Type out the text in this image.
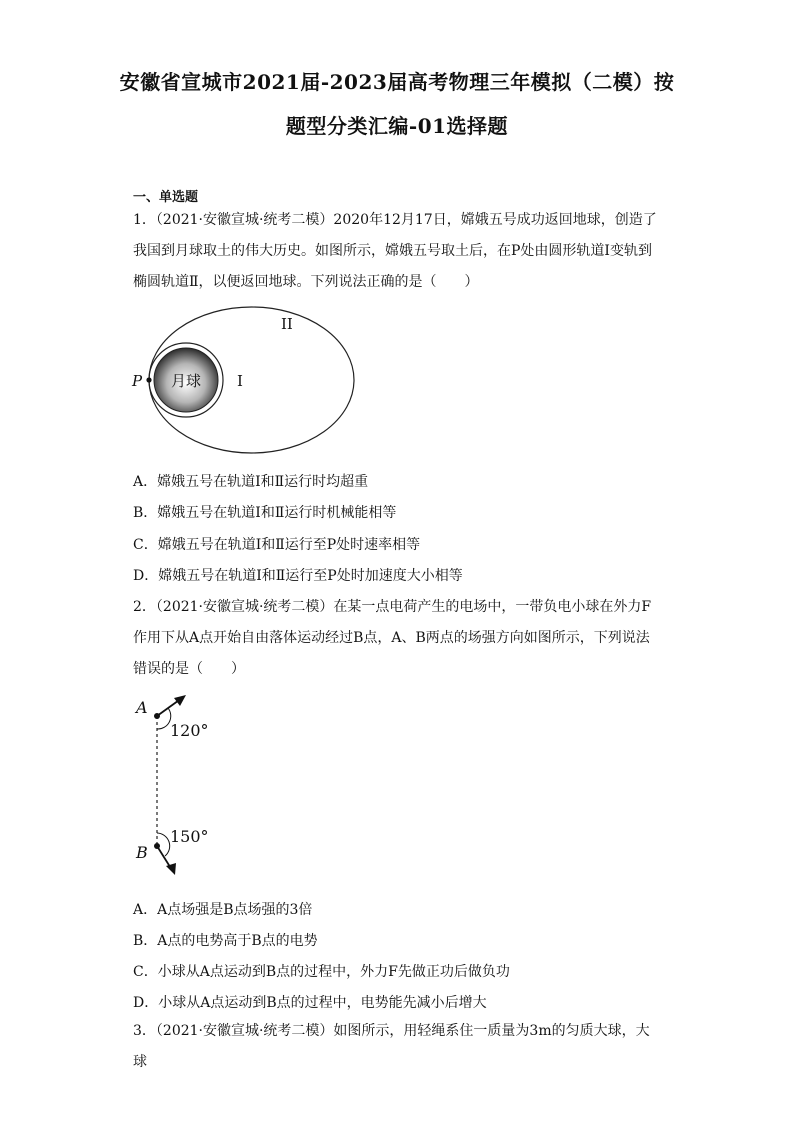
安徽省宣城市2021届-2023届高考物理三年模拟（二模）按
题型分类汇编-01选择题
一、单选题
1．（2021·安徽宣城·统考二模）2020年12月17日，嫦娥五号成功返回地球，创造了我国到月球取土的伟大历史。如图所示，嫦娥五号取土后，在P处由圆形轨道Ⅰ变轨到椭圆轨道Ⅱ，以便返回地球。下列说法正确的是（　　）
月球
P	I
II
A．嫦娥五号在轨道Ⅰ和Ⅱ运行时均超重
B．嫦娥五号在轨道Ⅰ和Ⅱ运行时机械能相等
C．嫦娥五号在轨道Ⅰ和Ⅱ运行至P处时速率相等
D．嫦娥五号在轨道Ⅰ和Ⅱ运行至P处时加速度大小相等
2．（2021·安徽宣城·统考二模）在某一点电荷产生的电场中，一带负电小球在外力F作用下从A点开始自由落体运动经过B点，A、B两点的场强方向如图所示，下列说法错误的是（　　）
A
120°
B
150°
A．A点场强是B点场强的3倍
B．A点的电势高于B点的电势
C．小球从A点运动到B点的过程中，外力F先做正功后做负功
D．小球从A点运动到B点的过程中，电势能先减小后增大
3．（2021·安徽宣城·统考二模）如图所示，用轻绳系住一质量为3m的匀质大球，大球
